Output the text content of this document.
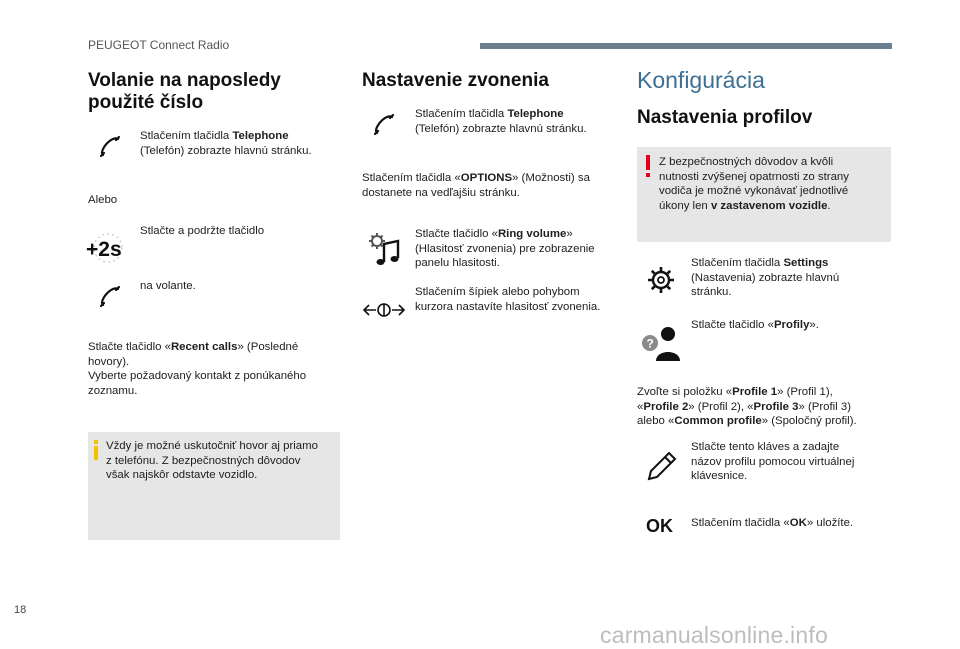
PEUGEOT Connect Radio
Volanie na naposledy
použité číslo
Stlačením tlačidla Telephone
(Telefón) zobrazte hlavnú stránku.
Alebo
+2s
Stlačte a podržte tlačidlo
na volante.
Stlačte tlačidlo «Recent calls» (Posledné
hovory).
Vyberte požadovaný kontakt z ponúkaného
zoznamu.
Vždy je možné uskutočniť hovor aj priamo
z telefónu. Z bezpečnostných dôvodov
však najskôr odstavte vozidlo.
Nastavenie zvonenia
Stlačením tlačidla Telephone
(Telefón) zobrazte hlavnú stránku.
Stlačením tlačidla «OPTIONS» (Možnosti) sa
dostanete na vedľajšiu stránku.
Stlačte tlačidlo «Ring volume»
(Hlasitosť zvonenia) pre zobrazenie
panelu hlasitosti.
Stlačením šípiek alebo pohybom
kurzora nastavíte hlasitosť zvonenia.
Konfigurácia
Nastavenia profilov
Z bezpečnostných dôvodov a kvôli
nutnosti zvýšenej opatrnosti zo strany
vodiča je možné vykonávať jednotlivé
úkony len v zastavenom vozidle.
Stlačením tlačidla Settings
(Nastavenia) zobrazte hlavnú
stránku.
?
Stlačte tlačidlo «Profily».
Zvoľte si položku «Profile 1» (Profil 1),
«Profile 2» (Profil 2), «Profile 3» (Profil 3)
alebo «Common profile» (Spoločný profil).
Stlačte tento kláves a zadajte
názov profilu pomocou virtuálnej
klávesnice.
OK Stlačením tlačidla «OK» uložíte.
18
carmanualsonline.info
